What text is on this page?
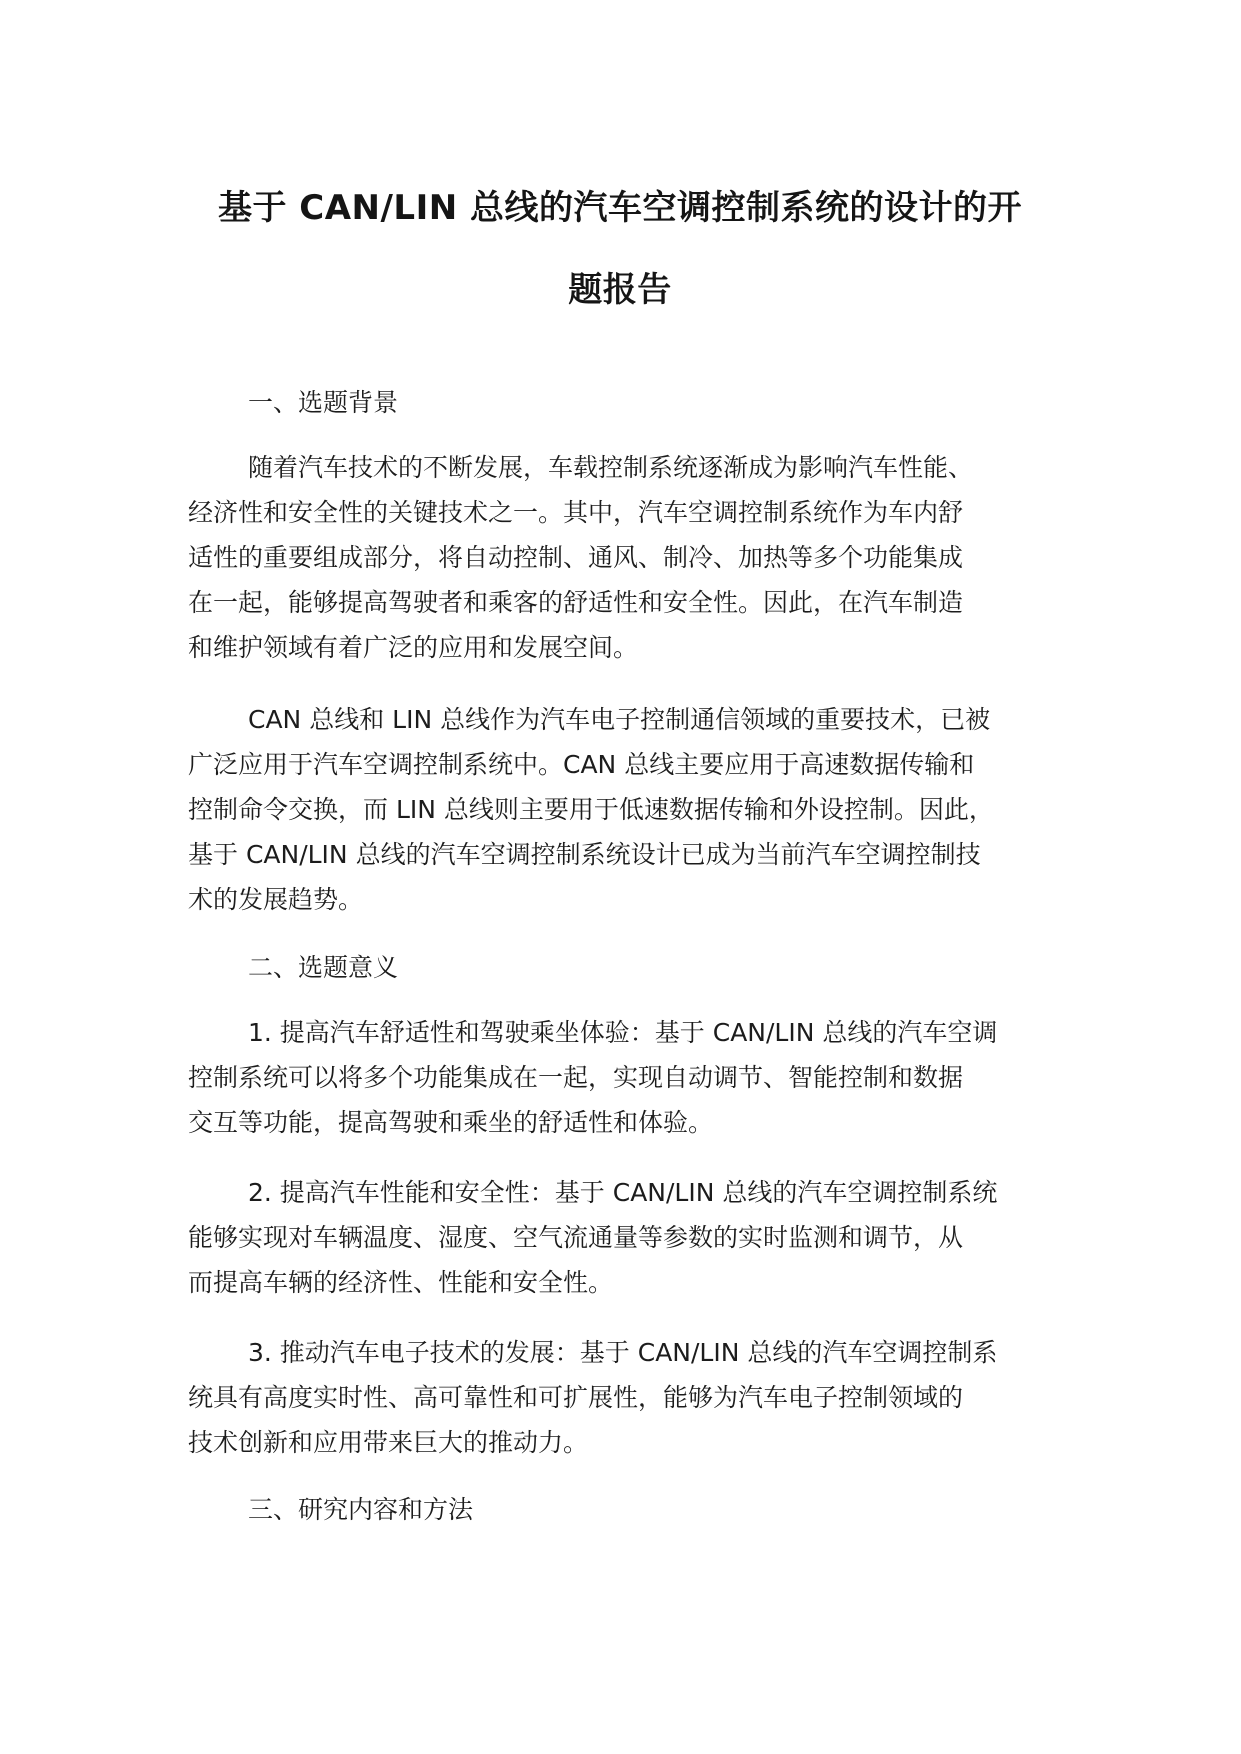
基于 CAN/LIN 总线的汽车空调控制系统的设计的开
题报告
一、选题背景
随着汽车技术的不断发展，车载控制系统逐渐成为影响汽车性能、
经济性和安全性的关键技术之一。其中，汽车空调控制系统作为车内舒
适性的重要组成部分，将自动控制、通风、制冷、加热等多个功能集成
在一起，能够提高驾驶者和乘客的舒适性和安全性。因此，在汽车制造
和维护领域有着广泛的应用和发展空间。
CAN 总线和 LIN 总线作为汽车电子控制通信领域的重要技术，已被
广泛应用于汽车空调控制系统中。CAN 总线主要应用于高速数据传输和
控制命令交换，而 LIN 总线则主要用于低速数据传输和外设控制。因此，
基于 CAN/LIN 总线的汽车空调控制系统设计已成为当前汽车空调控制技
术的发展趋势。
二、选题意义
1. 提高汽车舒适性和驾驶乘坐体验：基于 CAN/LIN 总线的汽车空调
控制系统可以将多个功能集成在一起，实现自动调节、智能控制和数据
交互等功能，提高驾驶和乘坐的舒适性和体验。
2. 提高汽车性能和安全性：基于 CAN/LIN 总线的汽车空调控制系统
能够实现对车辆温度、湿度、空气流通量等参数的实时监测和调节，从
而提高车辆的经济性、性能和安全性。
3. 推动汽车电子技术的发展：基于 CAN/LIN 总线的汽车空调控制系
统具有高度实时性、高可靠性和可扩展性，能够为汽车电子控制领域的
技术创新和应用带来巨大的推动力。
三、研究内容和方法
